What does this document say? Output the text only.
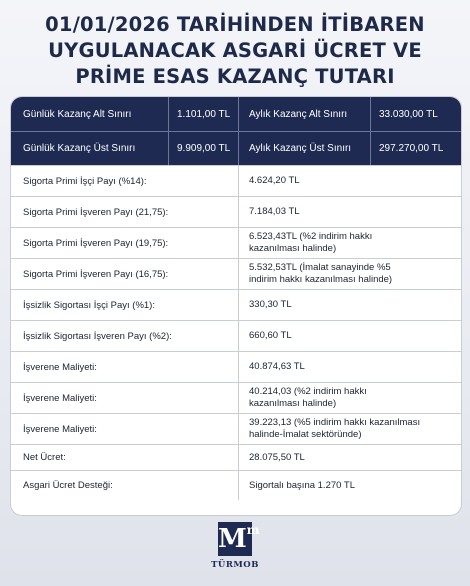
01/01/2026 TARİHİNDEN İTİBAREN
UYGULANACAK ASGARİ ÜCRET VE
PRİME ESAS KAZANÇ TUTARI
Günlük Kazanç Alt Sınırı	1.101,00 TL	Aylık Kazanç Alt Sınırı	33.030,00 TL
Günlük Kazanç Üst Sınırı	9.909,00 TL	Aylık Kazanç Üst Sınırı	297.270,00 TL
Sigorta Primi İşçi Payı (%14):	4.624,20 TL
Sigorta Primi İşveren Payı (21,75):	7.184,03 TL
Sigorta Primi İşveren Payı (19,75):
6.523,43TL (%2 indirim hakkı
kazanılması halinde)
Sigorta Primi İşveren Payı (16,75):
5.532,53TL (İmalat sanayinde %5
indirim hakkı kazanılması halinde)
İşsizlik Sigortası İşçi Payı (%1):	330,30 TL
İşsizlik Sigortası İşveren Payı (%2):	660,60 TL
İşverene Maliyeti:	40.874,63 TL
İşverene Maliyeti:
40.214,03 (%2 indirim hakkı
kazanılması halinde)
İşverene Maliyeti:
39.223,13 (%5 indirim hakkı kazanılması
halinde-İmalat sektöründe)
Net Ücret:	28.075,50 TL
Asgari Ücret Desteği:	Sigortalı başına 1.270 TL
$M^m$
TÜRMOB
